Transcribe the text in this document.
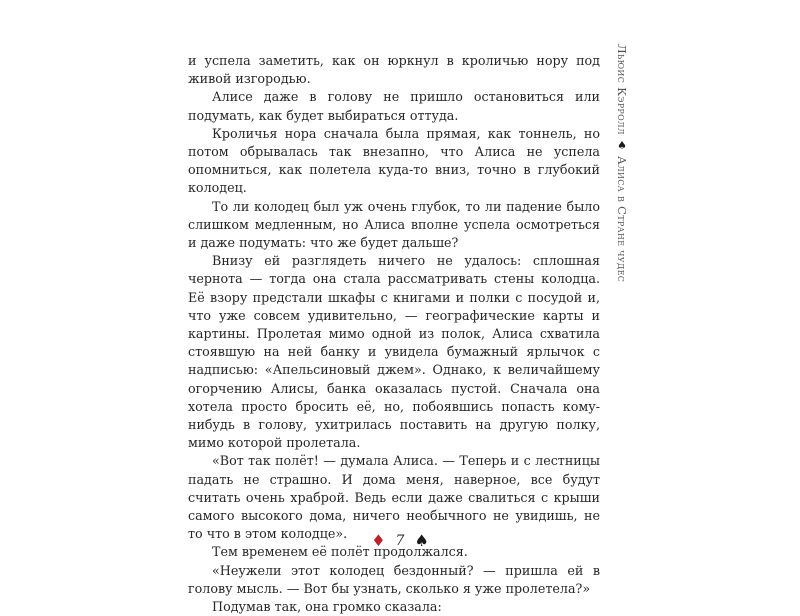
и успела заметить, как он юркнул в кроличью нору под живой изгородью.

Алисе даже в голову не пришло остановиться или подумать, как будет выбираться оттуда.

Кроличья нора сначала была прямая, как тоннель, но потом обрывалась так внезапно, что Алиса не успела опомниться, как полетела куда-то вниз, точно в глубокий колодец.

То ли колодец был уж очень глубок, то ли падение было слишком медленным, но Алиса вполне успела осмотреться и даже подумать: что же будет дальше?

Внизу ей разглядеть ничего не удалось: сплошная чернота — тогда она стала рассматривать стены колодца. Её взору предстали шкафы с книгами и полки с посудой и, что уже совсем удивительно, — географические карты и картины. Пролетая мимо одной из полок, Алиса схватила стоявшую на ней банку и увидела бумажный ярлычок с надписью: «Апельсиновый джем». Однако, к величайшему огорчению Алисы, банка оказалась пустой. Сначала она хотела просто бросить её, но, побоявшись попасть кому-нибудь в голову, ухитрилась поставить на другую полку, мимо которой пролетала.

«Вот так полёт! — думала Алиса. — Теперь и с лестницы падать не страшно. И дома меня, наверное, все будут считать очень храброй. Ведь если даже свалиться с крыши самого высокого дома, ничего необычного не увидишь, не то что в этом колодце».

Тем временем её полёт продолжался.

«Неужели этот колодец бездонный? — пришла ей в голову мысль. — Вот бы узнать, сколько я уже пролетела?»

Подумав так, она громко сказала:

Льюис Кэрролл
♠
Алиса в Стране чудес
♦ 7 ♠
